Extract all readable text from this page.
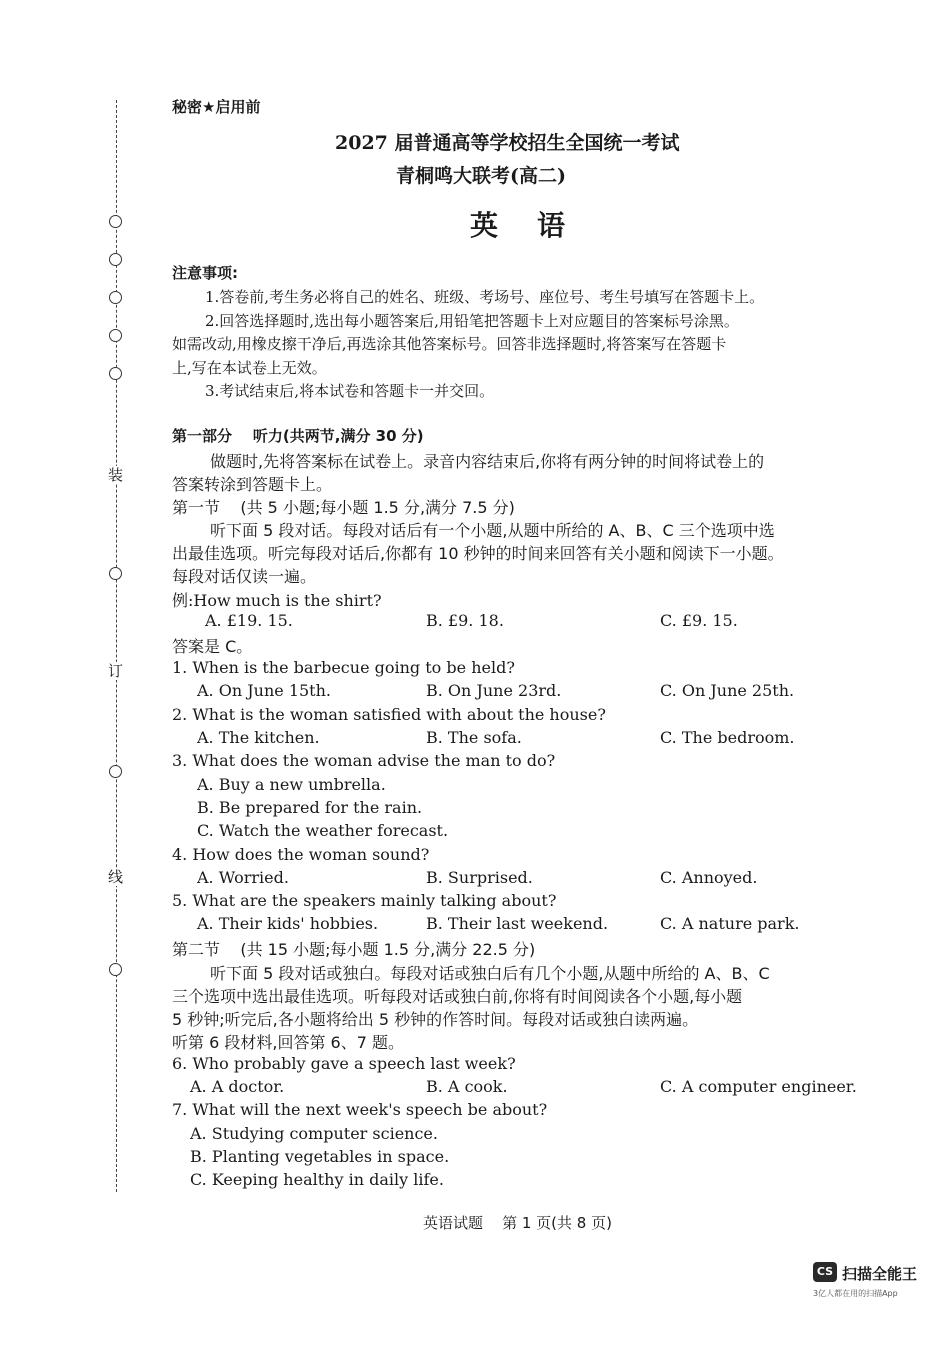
装
订
线
秘密★启用前
2027 届普通高等学校招生全国统一考试
青桐鸣大联考(高二)
英    语
注意事项:
1.答卷前,考生务必将自己的姓名、班级、考场号、座位号、考生号填写在答题卡上。
2.回答选择题时,选出每小题答案后,用铅笔把答题卡上对应题目的答案标号涂黑。
如需改动,用橡皮擦干净后,再选涂其他答案标号。回答非选择题时,将答案写在答题卡
上,写在本试卷上无效。
3.考试结束后,将本试卷和答题卡一并交回。
第一部分    听力(共两节,满分 30 分)
做题时,先将答案标在试卷上。录音内容结束后,你将有两分钟的时间将试卷上的
答案转涂到答题卡上。
第一节    (共 5 小题;每小题 1.5 分,满分 7.5 分)
听下面 5 段对话。每段对话后有一个小题,从题中所给的 A、B、C 三个选项中选
出最佳选项。听完每段对话后,你都有 10 秒钟的时间来回答有关小题和阅读下一小题。
每段对话仅读一遍。
例:How much is the shirt?
A. £19. 15.	B. £9. 18.	C. £9. 15.
答案是 C。
1. When is the barbecue going to be held?
A. On June 15th.	B. On June 23rd.	C. On June 25th.
2. What is the woman satisfied with about the house?
A. The kitchen.	B. The sofa.	C. The bedroom.
3. What does the woman advise the man to do?
A. Buy a new umbrella.
B. Be prepared for the rain.
C. Watch the weather forecast.
4. How does the woman sound?
A. Worried.	B. Surprised.	C. Annoyed.
5. What are the speakers mainly talking about?
A. Their kids' hobbies.	B. Their last weekend.	C. A nature park.
第二节    (共 15 小题;每小题 1.5 分,满分 22.5 分)
听下面 5 段对话或独白。每段对话或独白后有几个小题,从题中所给的 A、B、C
三个选项中选出最佳选项。听每段对话或独白前,你将有时间阅读各个小题,每小题
5 秒钟;听完后,各小题将给出 5 秒钟的作答时间。每段对话或独白读两遍。
听第 6 段材料,回答第 6、7 题。
6. Who probably gave a speech last week?
A. A doctor.	B. A cook.	C. A computer engineer.
7. What will the next week's speech be about?
A. Studying computer science.
B. Planting vegetables in space.
C. Keeping healthy in daily life.
英语试题    第 1 页(共 8 页)
CS 扫描全能王
3亿人都在用的扫描App
